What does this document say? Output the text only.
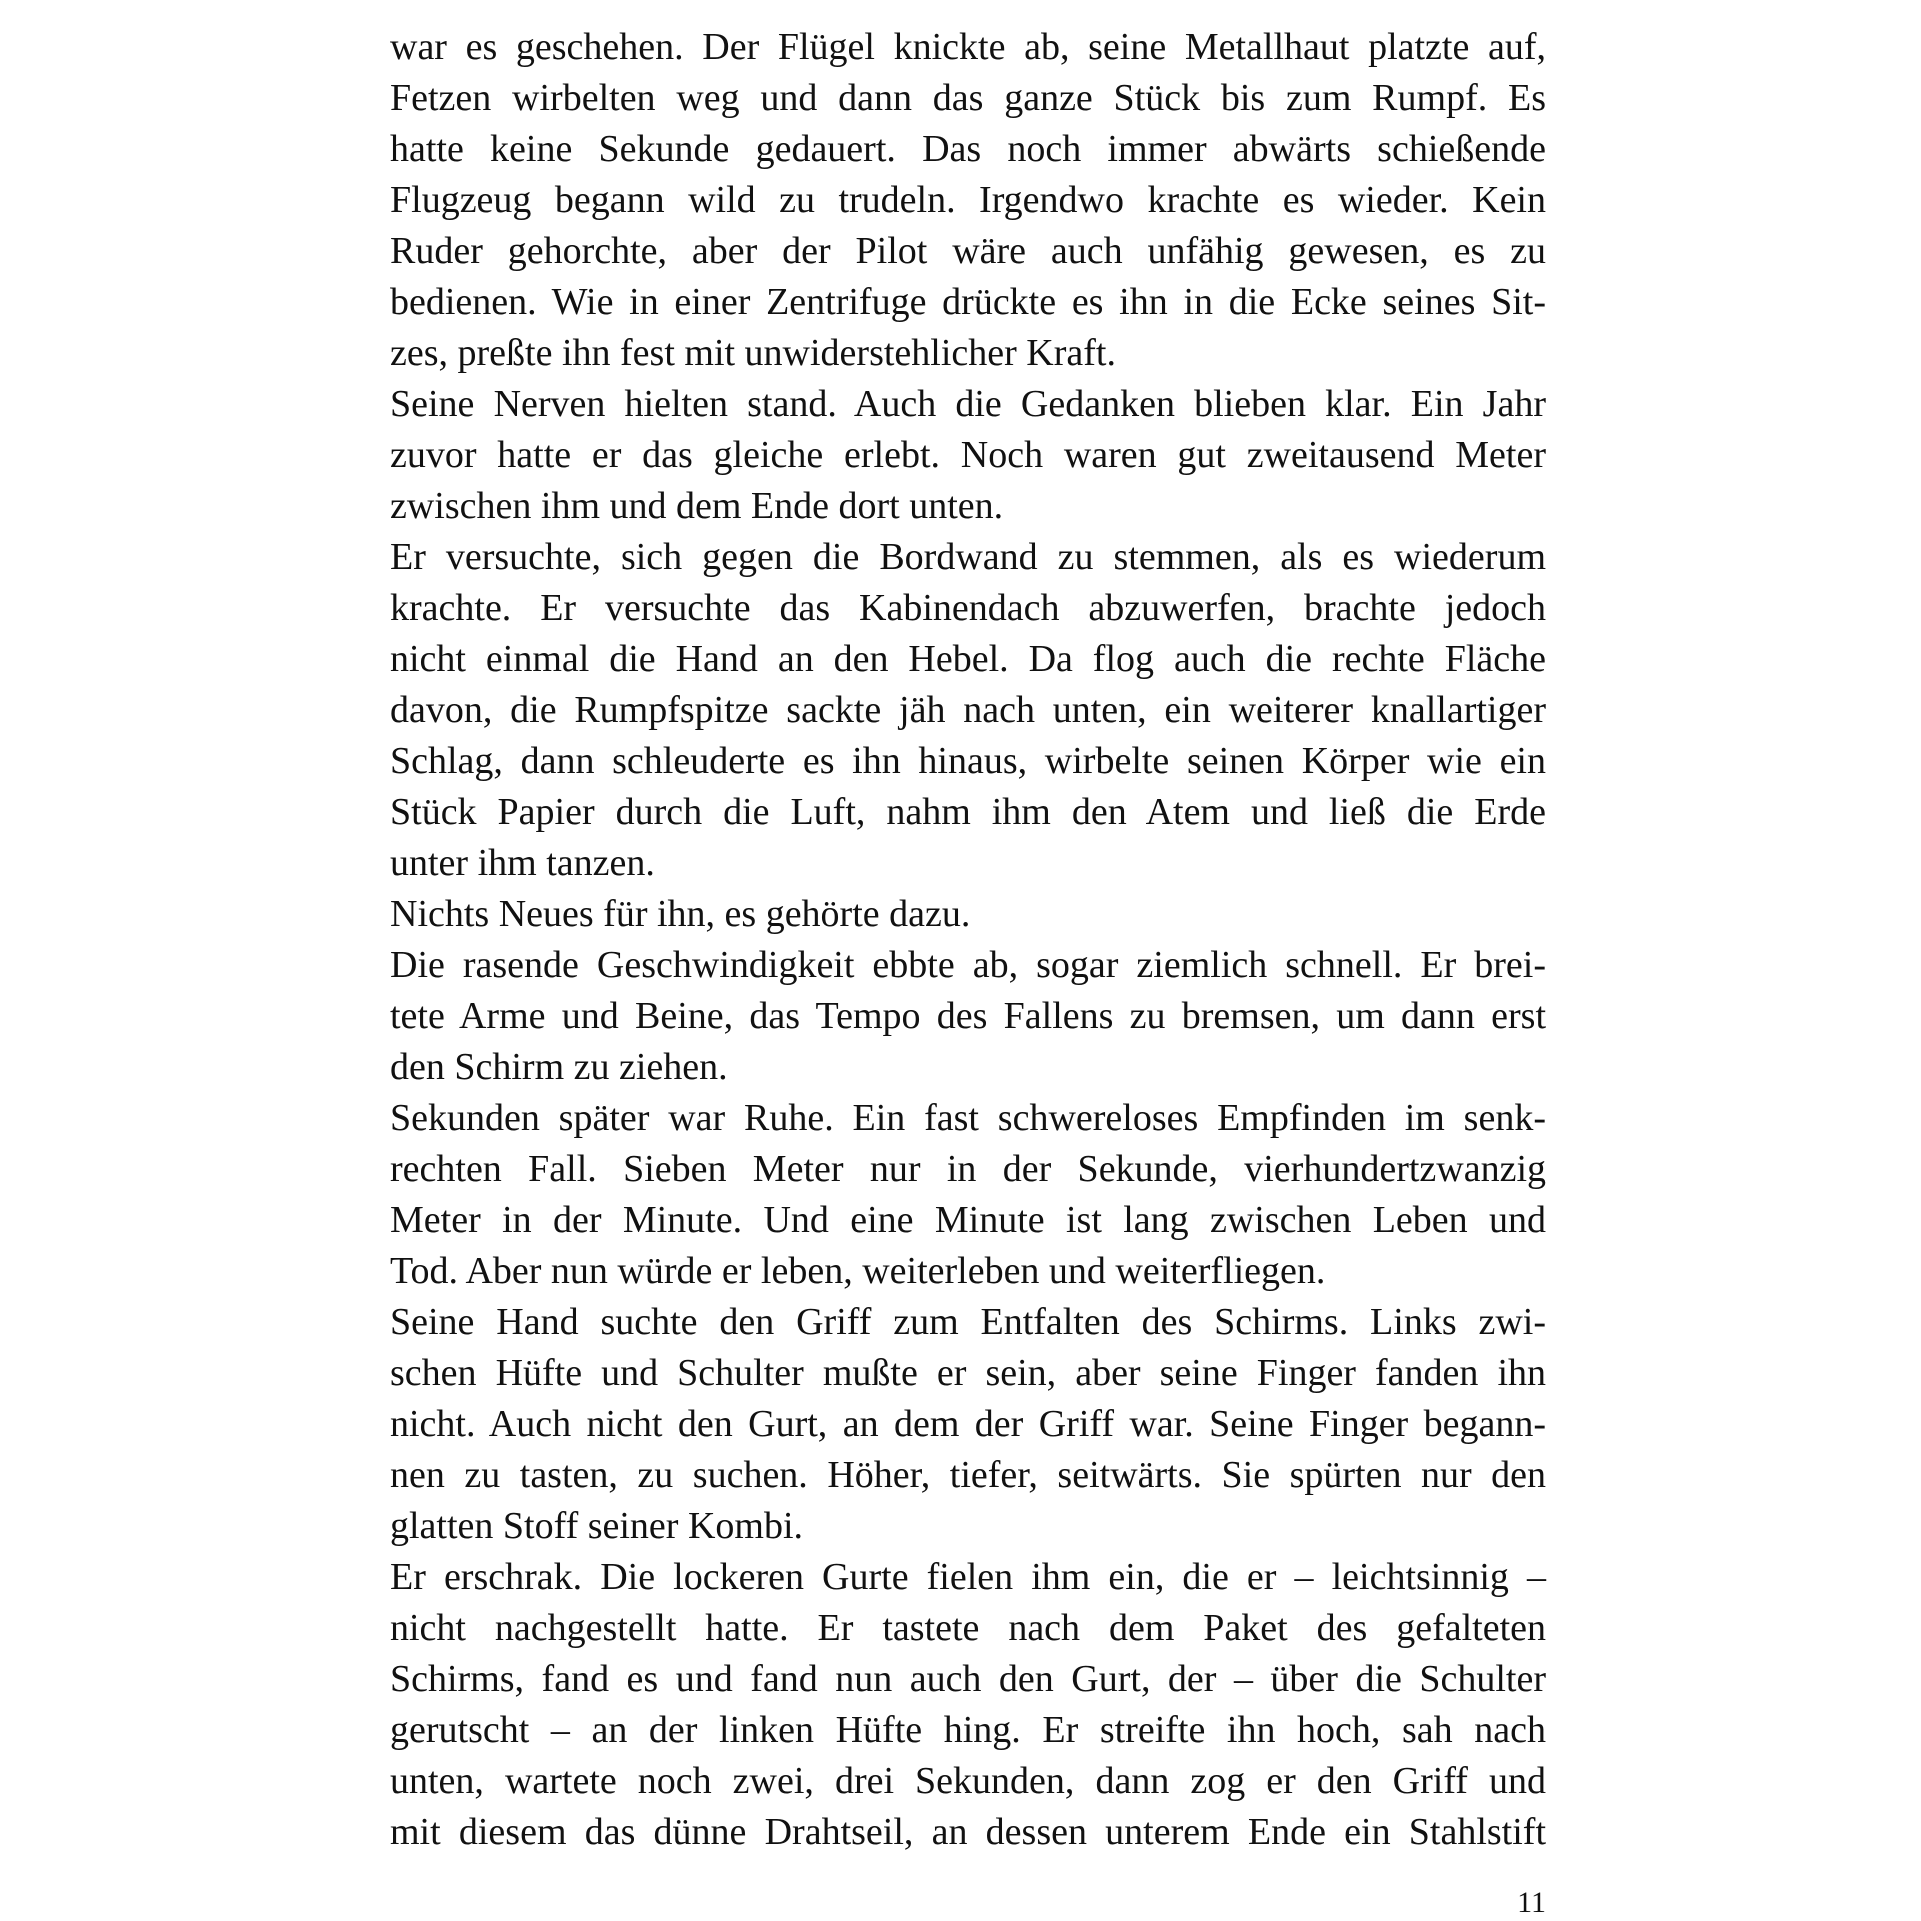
war es geschehen. Der Flügel knickte ab, seine Metallhaut platzte auf,
Fetzen wirbelten weg und dann das ganze Stück bis zum Rumpf. Es
hatte keine Sekunde gedauert. Das noch immer abwärts schießende
Flugzeug begann wild zu trudeln. Irgendwo krachte es wieder. Kein
Ruder gehorchte, aber der Pilot wäre auch unfähig gewesen, es zu
bedienen. Wie in einer Zentrifuge drückte es ihn in die Ecke seines Sit-
zes, preßte ihn fest mit unwiderstehlicher Kraft.
Seine Nerven hielten stand. Auch die Gedanken blieben klar. Ein Jahr
zuvor hatte er das gleiche erlebt. Noch waren gut zweitausend Meter
zwischen ihm und dem Ende dort unten.
Er versuchte, sich gegen die Bordwand zu stemmen, als es wiederum
krachte. Er versuchte das Kabinendach abzuwerfen, brachte jedoch
nicht einmal die Hand an den Hebel. Da flog auch die rechte Fläche
davon, die Rumpfspitze sackte jäh nach unten, ein weiterer knallartiger
Schlag, dann schleuderte es ihn hinaus, wirbelte seinen Körper wie ein
Stück Papier durch die Luft, nahm ihm den Atem und ließ die Erde
unter ihm tanzen.
Nichts Neues für ihn, es gehörte dazu.
Die rasende Geschwindigkeit ebbte ab, sogar ziemlich schnell. Er brei-
tete Arme und Beine, das Tempo des Fallens zu bremsen, um dann erst
den Schirm zu ziehen.
Sekunden später war Ruhe. Ein fast schwereloses Empfinden im senk-
rechten Fall. Sieben Meter nur in der Sekunde, vierhundertzwanzig
Meter in der Minute. Und eine Minute ist lang zwischen Leben und
Tod. Aber nun würde er leben, weiterleben und weiterfliegen.
Seine Hand suchte den Griff zum Entfalten des Schirms. Links zwi-
schen Hüfte und Schulter mußte er sein, aber seine Finger fanden ihn
nicht. Auch nicht den Gurt, an dem der Griff war. Seine Finger begann-
nen zu tasten, zu suchen. Höher, tiefer, seitwärts. Sie spürten nur den
glatten Stoff seiner Kombi.
Er erschrak. Die lockeren Gurte fielen ihm ein, die er – leichtsinnig –
nicht nachgestellt hatte. Er tastete nach dem Paket des gefalteten
Schirms, fand es und fand nun auch den Gurt, der – über die Schulter
gerutscht – an der linken Hüfte hing. Er streifte ihn hoch, sah nach
unten, wartete noch zwei, drei Sekunden, dann zog er den Griff und
mit diesem das dünne Drahtseil, an dessen unterem Ende ein Stahlstift
11
